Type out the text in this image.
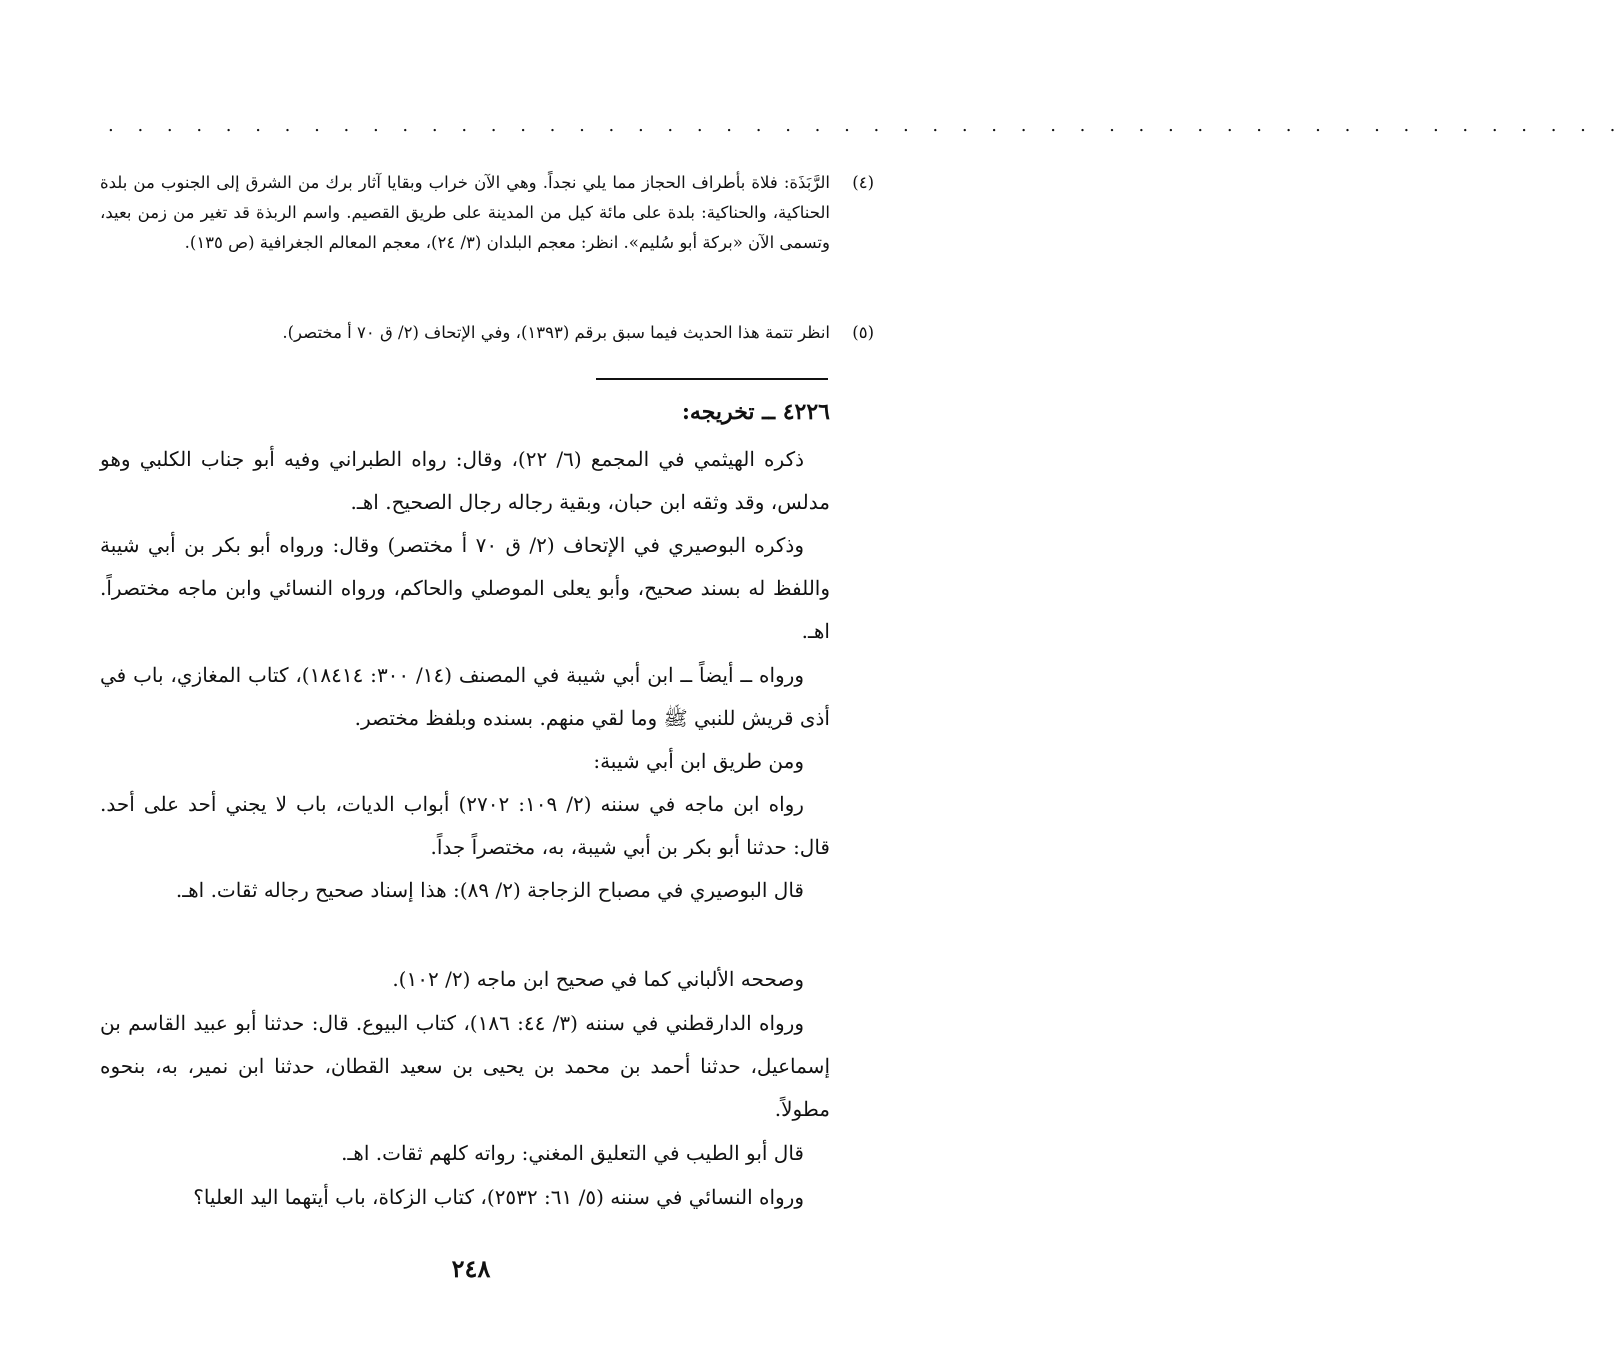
. . . . . . . . . . . . . . . . . . . . . . . . . . . . . . . . . . . . . . . . . . . . . . . . . . . .
(٤)
الرَّبَذَة: فلاة بأطراف الحجاز مما يلي نجداً. وهي الآن خراب وبقايا آثار برك من الشرق إلى الجنوب من بلدة الحناكية، والحناكية: بلدة على مائة كيل من المدينة على طريق القصيم. واسم الربذة قد تغير من زمن بعيد، وتسمى الآن «بركة أبو سُليم». انظر: معجم البلدان (٣/ ٢٤)، معجم المعالم الجغرافية (ص ١٣٥).
(٥)
انظر تتمة هذا الحديث فيما سبق برقم (١٣٩٣)، وفي الإتحاف (٢/ ق ٧٠ أ مختصر).
٤٢٢٦ ــ تخريجه:
ذكره الهيثمي في المجمع (٦/ ٢٢)، وقال: رواه الطبراني وفيه أبو جناب الكلبي وهو مدلس، وقد وثقه ابن حبان، وبقية رجاله رجال الصحيح. اهـ.
وذكره البوصيري في الإتحاف (٢/ ق ٧٠ أ مختصر) وقال: ورواه أبو بكر بن أبي شيبة واللفظ له بسند صحيح، وأبو يعلى الموصلي والحاكم، ورواه النسائي وابن ماجه مختصراً. اهـ.
ورواه ــ أيضاً ــ ابن أبي شيبة في المصنف (١٤/ ٣٠٠: ١٨٤١٤)، كتاب المغازي، باب في أذى قريش للنبي ﷺ وما لقي منهم. بسنده وبلفظ مختصر.
ومن طريق ابن أبي شيبة:
رواه ابن ماجه في سننه (٢/ ١٠٩: ٢٧٠٢) أبواب الديات، باب لا يجني أحد على أحد. قال: حدثنا أبو بكر بن أبي شيبة، به، مختصراً جداً.
قال البوصيري في مصباح الزجاجة (٢/ ٨٩): هذا إسناد صحيح رجاله ثقات. اهـ.
وصححه الألباني كما في صحيح ابن ماجه (٢/ ١٠٢).
ورواه الدارقطني في سننه (٣/ ٤٤: ١٨٦)، كتاب البيوع. قال: حدثنا أبو عبيد القاسم بن إسماعيل، حدثنا أحمد بن محمد بن يحيى بن سعيد القطان، حدثنا ابن نمير، به، بنحوه مطولاً.
قال أبو الطيب في التعليق المغني: رواته كلهم ثقات. اهـ.
ورواه النسائي في سننه (٥/ ٦١: ٢٥٣٢)، كتاب الزكاة، باب أيتهما اليد العليا؟
٢٤٨
